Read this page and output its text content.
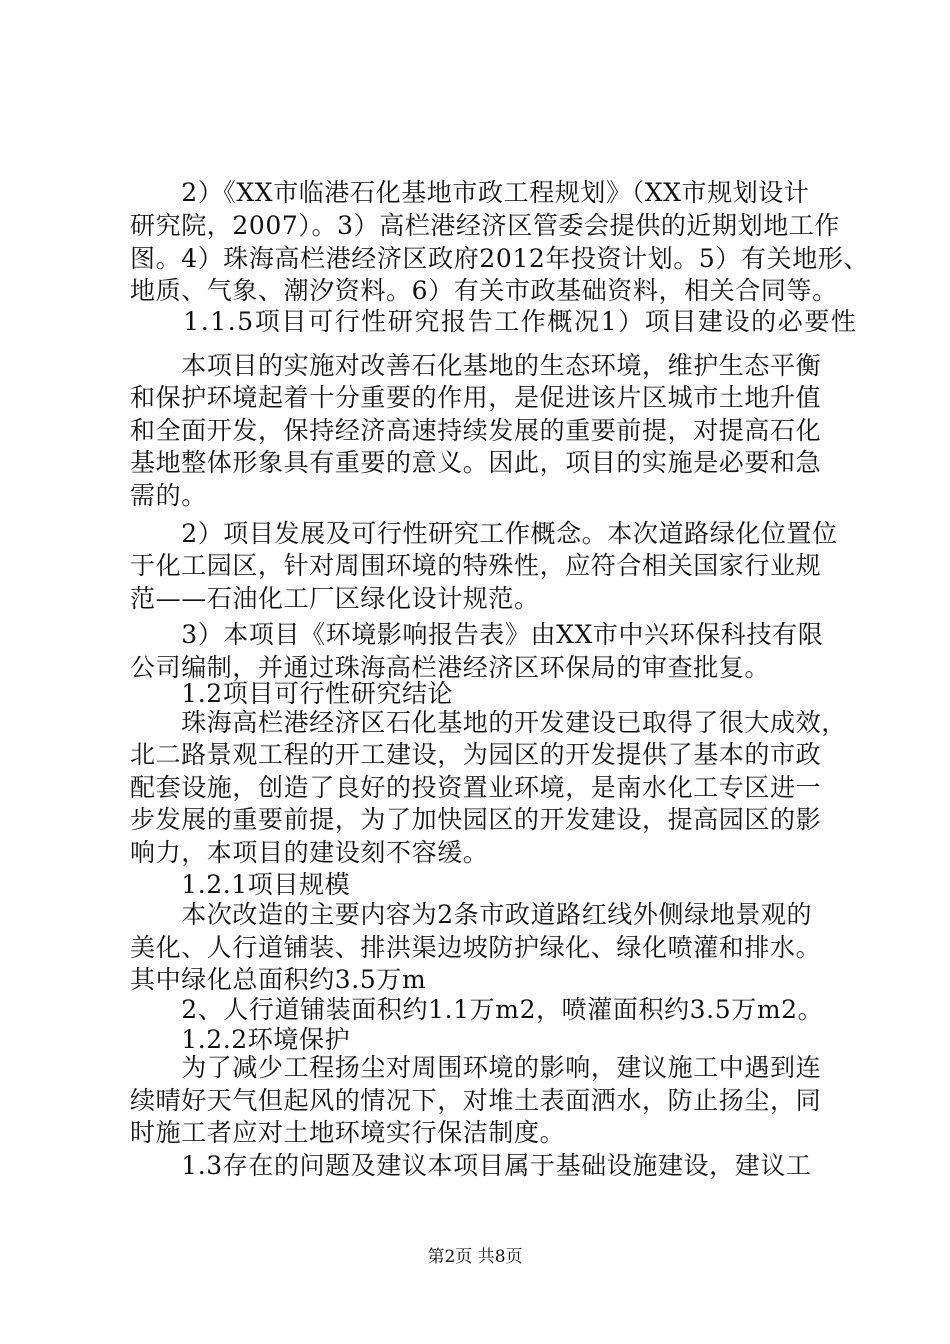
　　2）《XX市临港石化基地市政工程规划》（XX市规划设计
研究院，2007）。3）高栏港经济区管委会提供的近期划地工作
图。4）珠海高栏港经济区政府2012年投资计划。5）有关地形、
地质、气象、潮汐资料。6）有关市政基础资料，相关合同等。
　　1.1.5项目可行性研究报告工作概况1）项目建设的必要性
　　本项目的实施对改善石化基地的生态环境，维护生态平衡
和保护环境起着十分重要的作用，是促进该片区城市土地升值
和全面开发，保持经济高速持续发展的重要前提，对提高石化
基地整体形象具有重要的意义。因此，项目的实施是必要和急
需的。
　　2）项目发展及可行性研究工作概念。本次道路绿化位置位
于化工园区，针对周围环境的特殊性，应符合相关国家行业规
范——石油化工厂区绿化设计规范。
　　3）本项目《环境影响报告表》由XX市中兴环保科技有限
公司编制，并通过珠海高栏港经济区环保局的审查批复。
　　1.2项目可行性研究结论
　　珠海高栏港经济区石化基地的开发建设已取得了很大成效，
北二路景观工程的开工建设，为园区的开发提供了基本的市政
配套设施，创造了良好的投资置业环境，是南水化工专区进一
步发展的重要前提，为了加快园区的开发建设，提高园区的影
响力，本项目的建设刻不容缓。
　　1.2.1项目规模
　　本次改造的主要内容为2条市政道路红线外侧绿地景观的
美化、人行道铺装、排洪渠边坡防护绿化、绿化喷灌和排水。
其中绿化总面积约3.5万m
　　2、人行道铺装面积约1.1万m2，喷灌面积约3.5万m2。
　　1.2.2环境保护
　　为了减少工程扬尘对周围环境的影响，建议施工中遇到连
续晴好天气但起风的情况下，对堆土表面洒水，防止扬尘，同
时施工者应对土地环境实行保洁制度。
　　1.3存在的问题及建议本项目属于基础设施建设，建议工
第2页 共8页
